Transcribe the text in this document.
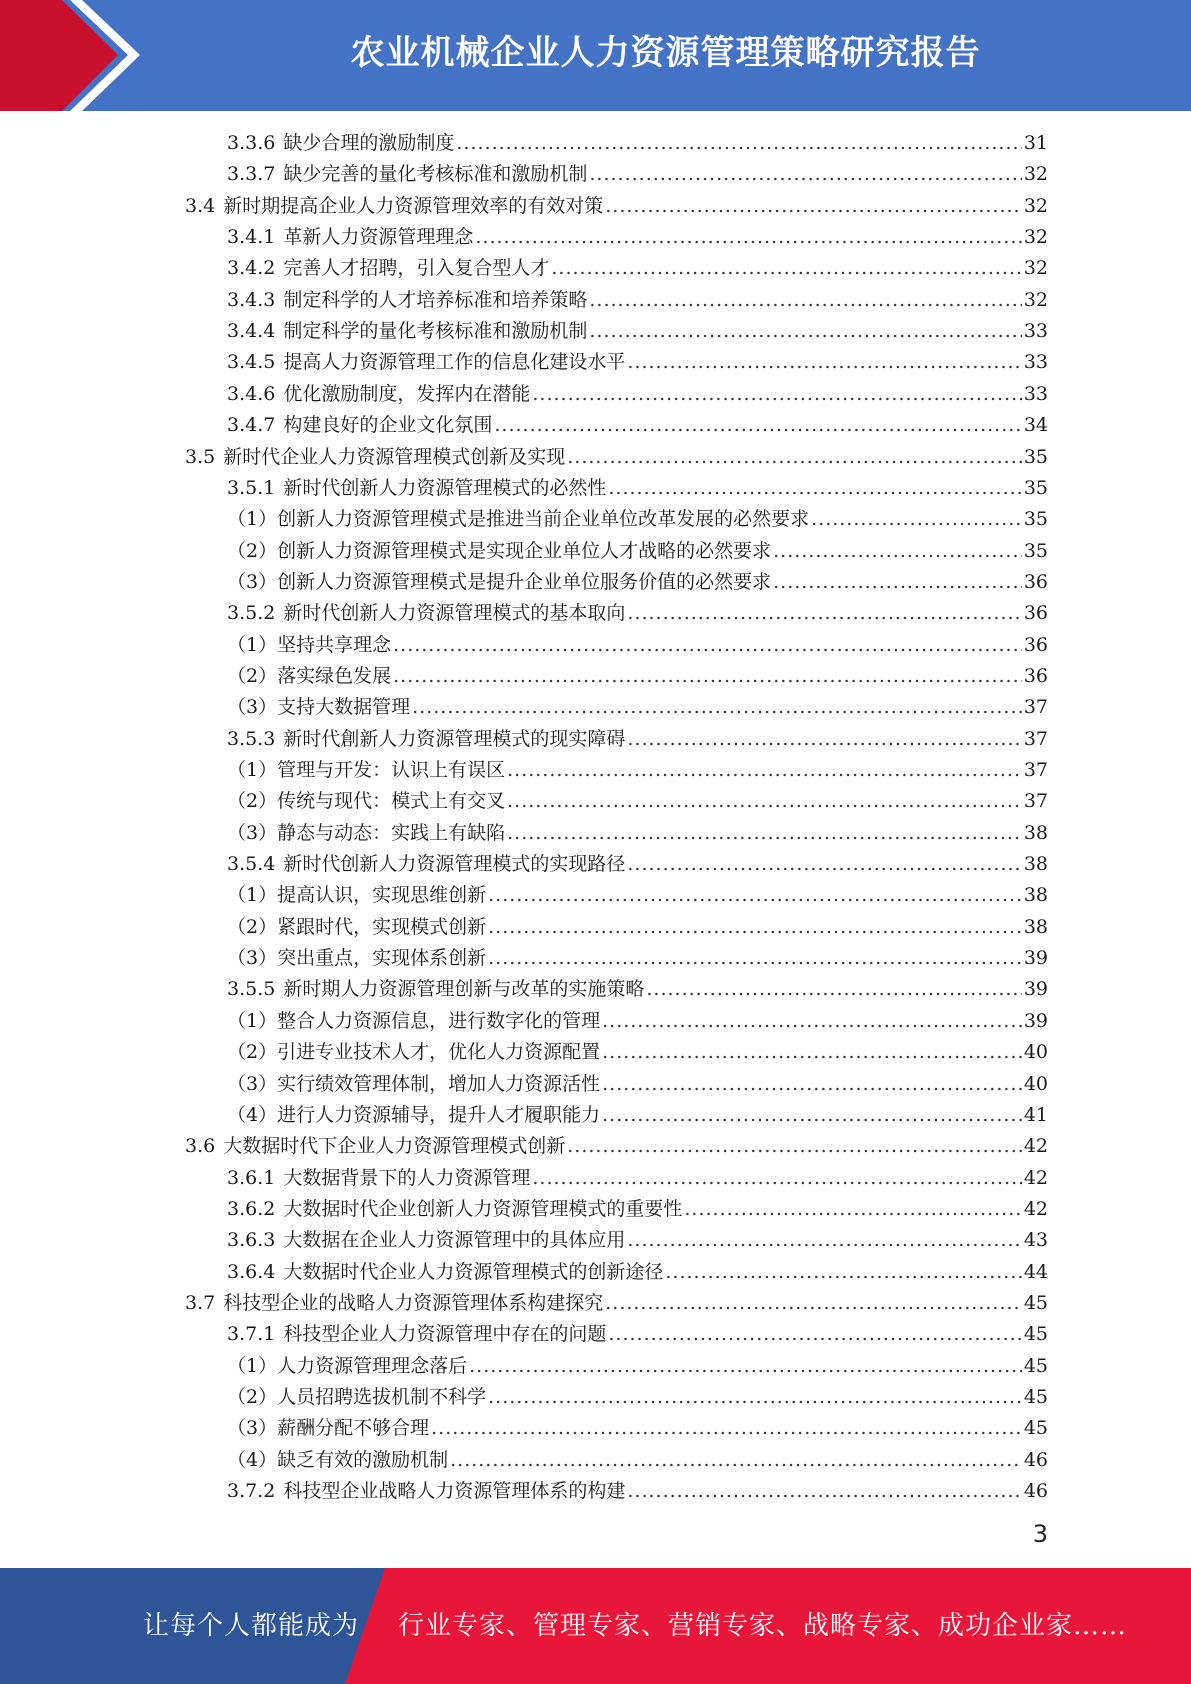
农业机械企业人力资源管理策略研究报告
3.3.6 缺少合理的激励制度 .....	31
3.3.7 缺少完善的量化考核标准和激励机制 .....	32
3.4 新时期提高企业人力资源管理效率的有效对策 .....	32
3.4.1 革新人力资源管理理念 .....	32
3.4.2 完善人才招聘，引入复合型人才 .....	32
3.4.3 制定科学的人才培养标准和培养策略 .....	32
3.4.4 制定科学的量化考核标准和激励机制 .....	33
3.4.5 提高人力资源管理工作的信息化建设水平 .....	33
3.4.6 优化激励制度，发挥内在潜能 .....	33
3.4.7 构建良好的企业文化氛围 .....	34
3.5 新时代企业人力资源管理模式创新及实现 .....	35
3.5.1 新时代创新人力资源管理模式的必然性 .....	35
（1） 创新人力资源管理模式是推进当前企业单位改革发展的必然要求 .....	35
（2） 创新人力资源管理模式是实现企业单位人才战略的必然要求 .....	35
（3） 创新人力资源管理模式是提升企业单位服务价值的必然要求 .....	36
3.5.2 新时代创新人力资源管理模式的基本取向 .....	36
（1） 坚持共享理念 .....	36
（2） 落实绿色发展 .....	36
（3） 支持大数据管理 .....	37
3.5.3 新时代創新人力资源管理模式的现实障碍 .....	37
（1） 管理与开发：认识上有误区 .....	37
（2） 传统与现代：模式上有交叉 .....	37
（3） 静态与动态：实践上有缺陷 .....	38
3.5.4 新时代创新人力资源管理模式的实现路径 .....	38
（1） 提高认识，实现思维创新 .....	38
（2） 紧跟时代，实现模式创新 .....	38
（3） 突出重点，实现体系创新 .....	39
3.5.5 新时期人力资源管理创新与改革的实施策略 .....	39
（1） 整合人力资源信息，进行数字化的管理 .....	39
（2） 引进专业技术人才，优化人力资源配置 .....	40
（3） 实行绩效管理体制，增加人力资源活性 .....	40
（4） 进行人力资源辅导，提升人才履职能力 .....	41
3.6 大数据时代下企业人力资源管理模式创新 .....	42
3.6.1 大数据背景下的人力资源管理 .....	42
3.6.2 大数据时代企业创新人力资源管理模式的重要性 .....	42
3.6.3 大数据在企业人力资源管理中的具体应用 .....	43
3.6.4 大数据时代企业人力资源管理模式的创新途径 .....	44
3.7 科技型企业的战略人力资源管理体系构建探究 .....	45
3.7.1 科技型企业人力资源管理中存在的问题 .....	45
（1） 人力资源管理理念落后 .....	45
（2） 人员招聘选拔机制不科学 .....	45
（3） 薪酬分配不够合理 .....	45
（4） 缺乏有效的激励机制 .....	46
3.7.2 科技型企业战略人力资源管理体系的构建 .....	46
3
让每个人都能成为 行业专家、管理专家、营销专家、战略专家、成功企业家……
